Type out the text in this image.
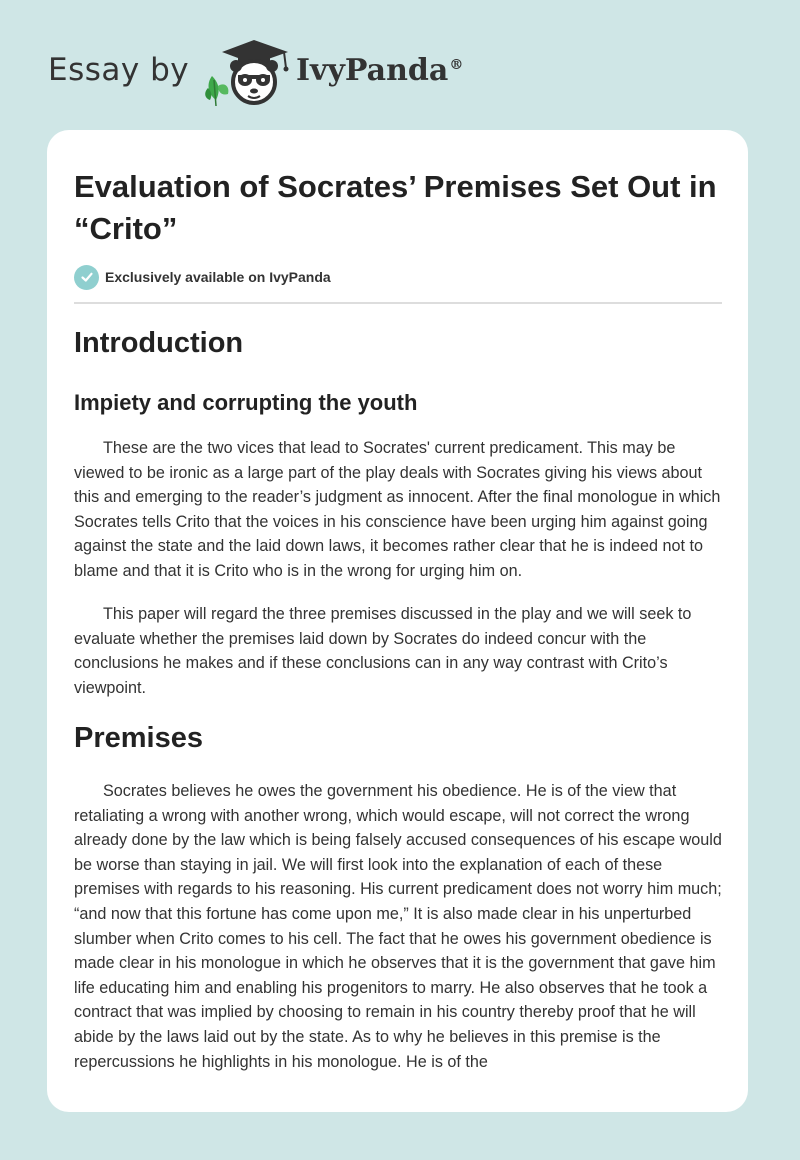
Essay by	IvyPanda®
Evaluation of Socrates’ Premises Set Out in “Crito”
Exclusively available on IvyPanda
Introduction
Impiety and corrupting the youth

These are the two vices that lead to Socrates' current predicament. This may be viewed to be ironic as a large part of the play deals with Socrates giving his views about this and emerging to the reader’s judgment as innocent. After the final monologue in which Socrates tells Crito that the voices in his conscience have been urging him against going against the state and the laid down laws, it becomes rather clear that he is indeed not to blame and that it is Crito who is in the wrong for urging him on.

This paper will regard the three premises discussed in the play and we will seek to evaluate whether the premises laid down by Socrates do indeed concur with the conclusions he makes and if these conclusions can in any way contrast with Crito’s viewpoint.

Premises

Socrates believes he owes the government his obedience. He is of the view that retaliating a wrong with another wrong, which would escape, will not correct the wrong already done by the law which is being falsely accused consequences of his escape would be worse than staying in jail. We will first look into the explanation of each of these premises with regards to his reasoning. His current predicament does not worry him much; “and now that this fortune has come upon me,” It is also made clear in his unperturbed slumber when Crito comes to his cell. The fact that he owes his government obedience is made clear in his monologue in which he observes that it is the government that gave him life educating him and enabling his progenitors to marry. He also observes that he took a contract that was implied by choosing to remain in his country thereby proof that he will abide by the laws laid out by the state. As to why he believes in this premise is the repercussions he highlights in his monologue. He is of the
